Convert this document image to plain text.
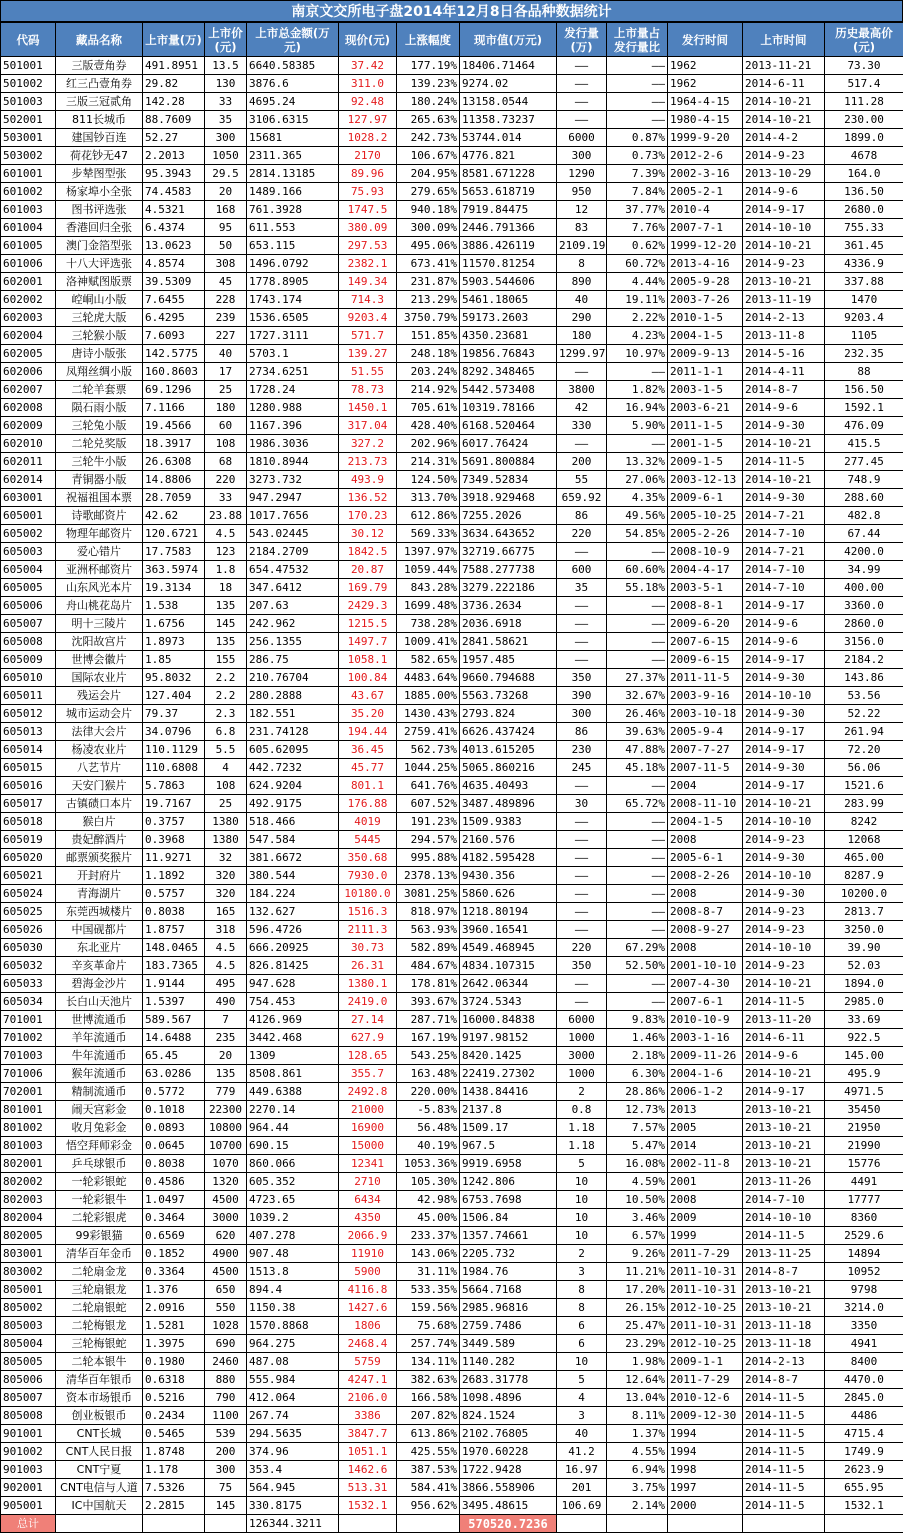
南京文交所电子盘2014年12月8日各品种数据统计
代码	藏品名称	上市量(万)	上市价(元)	上市总金额(万元)	现价(元)	上涨幅度	现市值(万元)	发行量(万)	上市量占发行量比	发行时间	上市时间	历史最高价(元)
501001	三版壹角券	491.8951	13.5	6640.58385	37.42	177.19%	18406.71464	——	——	1962	2013-11-21	73.30
501002	红三凸壹角券	29.82	130	3876.6	311.0	139.23%	9274.02	——	——	1962	2014-6-11	517.4
501003	三版三冠贰角	142.28	33	4695.24	92.48	180.24%	13158.0544	——	——	1964-4-15	2014-10-21	111.28
502001	811长城币	88.7609	35	3106.6315	127.97	265.63%	11358.73237	——	——	1980-4-15	2014-10-21	230.00
503001	建国钞百连	52.27	300	15681	1028.2	242.73%	53744.014	6000	0.87%	1999-9-20	2014-4-2	1899.0
503002	荷花钞无47	2.2013	1050	2311.365	2170	106.67%	4776.821	300	0.73%	2012-2-6	2014-9-23	4678
601001	步辇图型张	95.3943	29.5	2814.13185	89.96	204.95%	8581.671228	1290	7.39%	2002-3-16	2013-10-29	164.0
601002	杨家埠小全张	74.4583	20	1489.166	75.93	279.65%	5653.618719	950	7.84%	2005-2-1	2014-9-6	136.50
601003	图书评选张	4.5321	168	761.3928	1747.5	940.18%	7919.84475	12	37.77%	2010-4	2014-9-17	2680.0
601004	香港回归全张	6.4374	95	611.553	380.09	300.09%	2446.791366	83	7.76%	2007-7-1	2014-10-10	755.33
601005	澳门金箔型张	13.0623	50	653.115	297.53	495.06%	3886.426119	2109.19	0.62%	1999-12-20	2014-10-21	361.45
601006	十八大评选张	4.8574	308	1496.0792	2382.1	673.41%	11570.81254	8	60.72%	2013-4-16	2014-9-23	4336.9
602001	洛神赋图版票	39.5309	45	1778.8905	149.34	231.87%	5903.544606	890	4.44%	2005-9-28	2013-10-21	337.88
602002	崆峒山小版	7.6455	228	1743.174	714.3	213.29%	5461.18065	40	19.11%	2003-7-26	2013-11-19	1470
602003	三轮虎大版	6.4295	239	1536.6505	9203.4	3750.79%	59173.2603	290	2.22%	2010-1-5	2014-2-13	9203.4
602004	三轮猴小版	7.6093	227	1727.3111	571.7	151.85%	4350.23681	180	4.23%	2004-1-5	2013-11-8	1105
602005	唐诗小版张	142.5775	40	5703.1	139.27	248.18%	19856.76843	1299.97	10.97%	2009-9-13	2014-5-16	232.35
602006	凤翔丝绸小版	160.8603	17	2734.6251	51.55	203.24%	8292.348465	——	——	2011-1-1	2014-4-11	88
602007	二轮羊套票	69.1296	25	1728.24	78.73	214.92%	5442.573408	3800	1.82%	2003-1-5	2014-8-7	156.50
602008	陨石雨小版	7.1166	180	1280.988	1450.1	705.61%	10319.78166	42	16.94%	2003-6-21	2014-9-6	1592.1
602009	三轮兔小版	19.4566	60	1167.396	317.04	428.40%	6168.520464	330	5.90%	2011-1-5	2014-9-30	476.09
602010	二轮兑奖版	18.3917	108	1986.3036	327.2	202.96%	6017.76424	——	——	2001-1-5	2014-10-21	415.5
602011	三轮牛小版	26.6308	68	1810.8944	213.73	214.31%	5691.800884	200	13.32%	2009-1-5	2014-11-5	277.45
602014	青铜器小版	14.8806	220	3273.732	493.9	124.50%	7349.52834	55	27.06%	2003-12-13	2014-10-21	748.9
603001	祝福祖国本票	28.7059	33	947.2947	136.52	313.70%	3918.929468	659.92	4.35%	2009-6-1	2014-9-30	288.60
605001	诗歌邮资片	42.62	23.88	1017.7656	170.23	612.86%	7255.2026	86	49.56%	2005-10-25	2014-7-21	482.8
605002	物理年邮资片	120.6721	4.5	543.02445	30.12	569.33%	3634.643652	220	54.85%	2005-2-26	2014-7-10	67.44
605003	爱心错片	17.7583	123	2184.2709	1842.5	1397.97%	32719.66775	——	——	2008-10-9	2014-7-21	4200.0
605004	亚洲杯邮资片	363.5974	1.8	654.47532	20.87	1059.44%	7588.277738	600	60.60%	2004-4-17	2014-7-10	34.99
605005	山东风光本片	19.3134	18	347.6412	169.79	843.28%	3279.222186	35	55.18%	2003-5-1	2014-7-10	400.00
605006	舟山桃花岛片	1.538	135	207.63	2429.3	1699.48%	3736.2634	——	——	2008-8-1	2014-9-17	3360.0
605007	明十三陵片	1.6756	145	242.962	1215.5	738.28%	2036.6918	——	——	2009-6-20	2014-9-6	2860.0
605008	沈阳故宫片	1.8973	135	256.1355	1497.7	1009.41%	2841.58621	——	——	2007-6-15	2014-9-6	3156.0
605009	世博会徽片	1.85	155	286.75	1058.1	582.65%	1957.485	——	——	2009-6-15	2014-9-17	2184.2
605010	国际农业片	95.8032	2.2	210.76704	100.84	4483.64%	9660.794688	350	27.37%	2011-11-5	2014-9-30	143.86
605011	残运会片	127.404	2.2	280.2888	43.67	1885.00%	5563.73268	390	32.67%	2003-9-16	2014-10-10	53.56
605012	城市运动会片	79.37	2.3	182.551	35.20	1430.43%	2793.824	300	26.46%	2003-10-18	2014-9-30	52.22
605013	法律大会片	34.0796	6.8	231.74128	194.44	2759.41%	6626.437424	86	39.63%	2005-9-4	2014-9-17	261.94
605014	杨凌农业片	110.1129	5.5	605.62095	36.45	562.73%	4013.615205	230	47.88%	2007-7-27	2014-9-17	72.20
605015	八艺节片	110.6808	4	442.7232	45.77	1044.25%	5065.860216	245	45.18%	2007-11-5	2014-9-30	56.06
605016	天安门猴片	5.7863	108	624.9204	801.1	641.76%	4635.40493	——	——	2004	2014-9-17	1521.6
605017	古镇碛口本片	19.7167	25	492.9175	176.88	607.52%	3487.489896	30	65.72%	2008-11-10	2014-10-21	283.99
605018	猴白片	0.3757	1380	518.466	4019	191.23%	1509.9383	——	——	2004-1-5	2014-10-10	8242
605019	贵妃醉酒片	0.3968	1380	547.584	5445	294.57%	2160.576	——	——	2008	2014-9-23	12068
605020	邮票颁奖猴片	11.9271	32	381.6672	350.68	995.88%	4182.595428	——	——	2005-6-1	2014-9-30	465.00
605021	开封府片	1.1892	320	380.544	7930.0	2378.13%	9430.356	——	——	2008-2-26	2014-10-10	8287.9
605024	青海湖片	0.5757	320	184.224	10180.0	3081.25%	5860.626	——	——	2008	2014-9-30	10200.0
605025	东莞西城楼片	0.8038	165	132.627	1516.3	818.97%	1218.80194	——	——	2008-8-7	2014-9-23	2813.7
605026	中国砚都片	1.8757	318	596.4726	2111.3	563.93%	3960.16541	——	——	2008-9-27	2014-9-23	3250.0
605030	东北亚片	148.0465	4.5	666.20925	30.73	582.89%	4549.468945	220	67.29%	2008	2014-10-10	39.90
605032	辛亥革命片	183.7365	4.5	826.81425	26.31	484.67%	4834.107315	350	52.50%	2001-10-10	2014-9-23	52.03
605033	碧海金沙片	1.9144	495	947.628	1380.1	178.81%	2642.06344	——	——	2007-4-30	2014-10-21	1894.0
605034	长白山天池片	1.5397	490	754.453	2419.0	393.67%	3724.5343	——	——	2007-6-1	2014-11-5	2985.0
701001	世博流通币	589.567	7	4126.969	27.14	287.71%	16000.84838	6000	9.83%	2010-10-9	2013-11-20	33.69
701002	羊年流通币	14.6488	235	3442.468	627.9	167.19%	9197.98152	1000	1.46%	2003-1-16	2014-6-11	922.5
701003	牛年流通币	65.45	20	1309	128.65	543.25%	8420.1425	3000	2.18%	2009-11-26	2014-9-6	145.00
701006	猴年流通币	63.0286	135	8508.861	355.7	163.48%	22419.27302	1000	6.30%	2004-1-6	2014-10-21	495.9
702001	精制流通币	0.5772	779	449.6388	2492.8	220.00%	1438.84416	2	28.86%	2006-1-2	2014-9-17	4971.5
801001	闹天宫彩金	0.1018	22300	2270.14	21000	-5.83%	2137.8	0.8	12.73%	2013	2013-10-21	35450
801002	收月兔彩金	0.0893	10800	964.44	16900	56.48%	1509.17	1.18	7.57%	2005	2013-10-21	21950
801003	悟空拜师彩金	0.0645	10700	690.15	15000	40.19%	967.5	1.18	5.47%	2014	2013-10-21	21990
802001	乒乓球银币	0.8038	1070	860.066	12341	1053.36%	9919.6958	5	16.08%	2002-11-8	2013-10-21	15776
802002	一轮彩银蛇	0.4586	1320	605.352	2710	105.30%	1242.806	10	4.59%	2001	2013-11-26	4491
802003	一轮彩银牛	1.0497	4500	4723.65	6434	42.98%	6753.7698	10	10.50%	2008	2014-7-10	17777
802004	二轮彩银虎	0.3464	3000	1039.2	4350	45.00%	1506.84	10	3.46%	2009	2014-10-10	8360
802005	99彩银猫	0.6569	620	407.278	2066.9	233.37%	1357.74661	10	6.57%	1999	2014-11-5	2529.6
803001	清华百年金币	0.1852	4900	907.48	11910	143.06%	2205.732	2	9.26%	2011-7-29	2013-11-25	14894
803002	二轮扇金龙	0.3364	4500	1513.8	5900	31.11%	1984.76	3	11.21%	2011-10-31	2014-8-7	10952
805001	三轮扇银龙	1.376	650	894.4	4116.8	533.35%	5664.7168	8	17.20%	2011-10-31	2013-10-21	9798
805002	二轮扇银蛇	2.0916	550	1150.38	1427.6	159.56%	2985.96816	8	26.15%	2012-10-25	2013-10-21	3214.0
805003	二轮梅银龙	1.5281	1028	1570.8868	1806	75.68%	2759.7486	6	25.47%	2011-10-31	2013-11-18	3350
805004	三轮梅银蛇	1.3975	690	964.275	2468.4	257.74%	3449.589	6	23.29%	2012-10-25	2013-11-18	4941
805005	二轮本银牛	0.1980	2460	487.08	5759	134.11%	1140.282	10	1.98%	2009-1-1	2014-2-13	8400
805006	清华百年银币	0.6318	880	555.984	4247.1	382.63%	2683.31778	5	12.64%	2011-7-29	2014-8-7	4470.0
805007	资本市场银币	0.5216	790	412.064	2106.0	166.58%	1098.4896	4	13.04%	2010-12-6	2014-11-5	2845.0
805008	创业板银币	0.2434	1100	267.74	3386	207.82%	824.1524	3	8.11%	2009-12-30	2014-11-5	4486
901001	CNT长城	0.5465	539	294.5635	3847.7	613.86%	2102.76805	40	1.37%	1994	2014-11-5	4715.4
901002	CNT人民日报	1.8748	200	374.96	1051.1	425.55%	1970.60228	41.2	4.55%	1994	2014-11-5	1749.9
901003	CNT宁夏	1.178	300	353.4	1462.6	387.53%	1722.9428	16.97	6.94%	1998	2014-11-5	2623.9
902001	CNT电信与人道	7.5326	75	564.945	513.31	584.41%	3866.558906	201	3.75%	1997	2014-11-5	655.95
905001	IC中国航天	2.2815	145	330.8175	1532.1	956.62%	3495.48615	106.69	2.14%	2000	2014-11-5	1532.1
总计				126344.3211			570520.7236					
